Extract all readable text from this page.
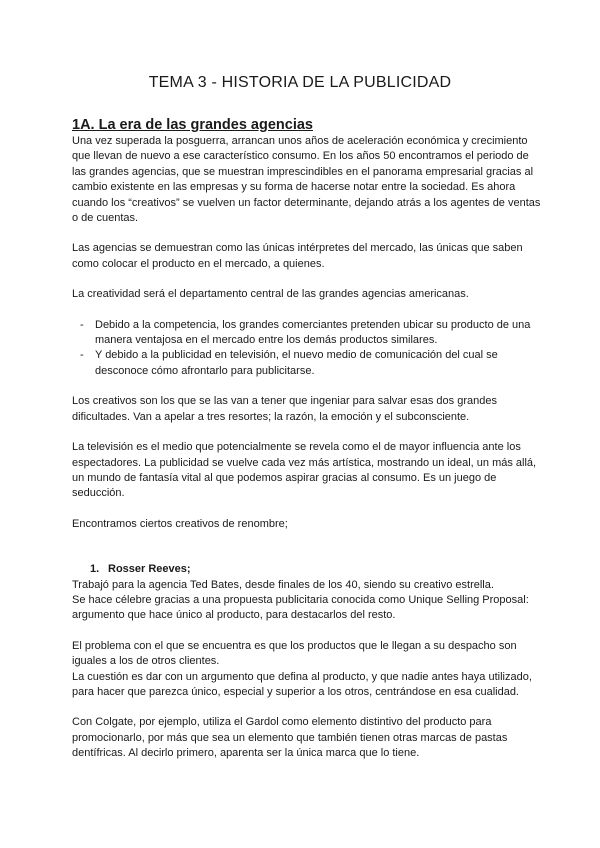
TEMA 3 - HISTORIA DE LA PUBLICIDAD
1A. La era de las grandes agencias

Una vez superada la posguerra, arrancan unos años de aceleración económica y crecimiento que llevan de nuevo a ese característico consumo. En los años 50 encontramos el periodo de las grandes agencias, que se muestran imprescindibles en el panorama empresarial gracias al cambio existente en las empresas y su forma de hacerse notar entre la sociedad. Es ahora cuando los “creativos” se vuelven un factor determinante, dejando atrás a los agentes de ventas o de cuentas.

Las agencias se demuestran como las únicas intérpretes del mercado, las únicas que saben como colocar el producto en el mercado, a quienes.

La creatividad será el departamento central de las grandes agencias americanas.

- Debido a la competencia, los grandes comerciantes pretenden ubicar su producto de una manera ventajosa en el mercado entre los demás productos similares.
- Y debido a la publicidad en televisión, el nuevo medio de comunicación del cual se desconoce cómo afrontarlo para publicitarse.

Los creativos son los que se las van a tener que ingeniar para salvar esas dos grandes dificultades. Van a apelar a tres resortes; la razón, la emoción y el subconsciente.

La televisión es el medio que potencialmente se revela como el de mayor influencia ante los espectadores. La publicidad se vuelve cada vez más artística, mostrando un ideal, un más allá, un mundo de fantasía vital al que podemos aspirar gracias al consumo. Es un juego de seducción.

Encontramos ciertos creativos de renombre;

1. Rosser Reeves;

Trabajó para la agencia Ted Bates, desde finales de los 40, siendo su creativo estrella.

Se hace célebre gracias a una propuesta publicitaria conocida como Unique Selling Proposal: argumento que hace único al producto, para destacarlos del resto.

El problema con el que se encuentra es que los productos que le llegan a su despacho son iguales a los de otros clientes.

La cuestión es dar con un argumento que defina al producto, y que nadie antes haya utilizado, para hacer que parezca único, especial y superior a los otros, centrándose en esa cualidad.

Con Colgate, por ejemplo, utiliza el Gardol como elemento distintivo del producto para promocionarlo, por más que sea un elemento que también tienen otras marcas de pastas dentífricas. Al decirlo primero, aparenta ser la única marca que lo tiene.
